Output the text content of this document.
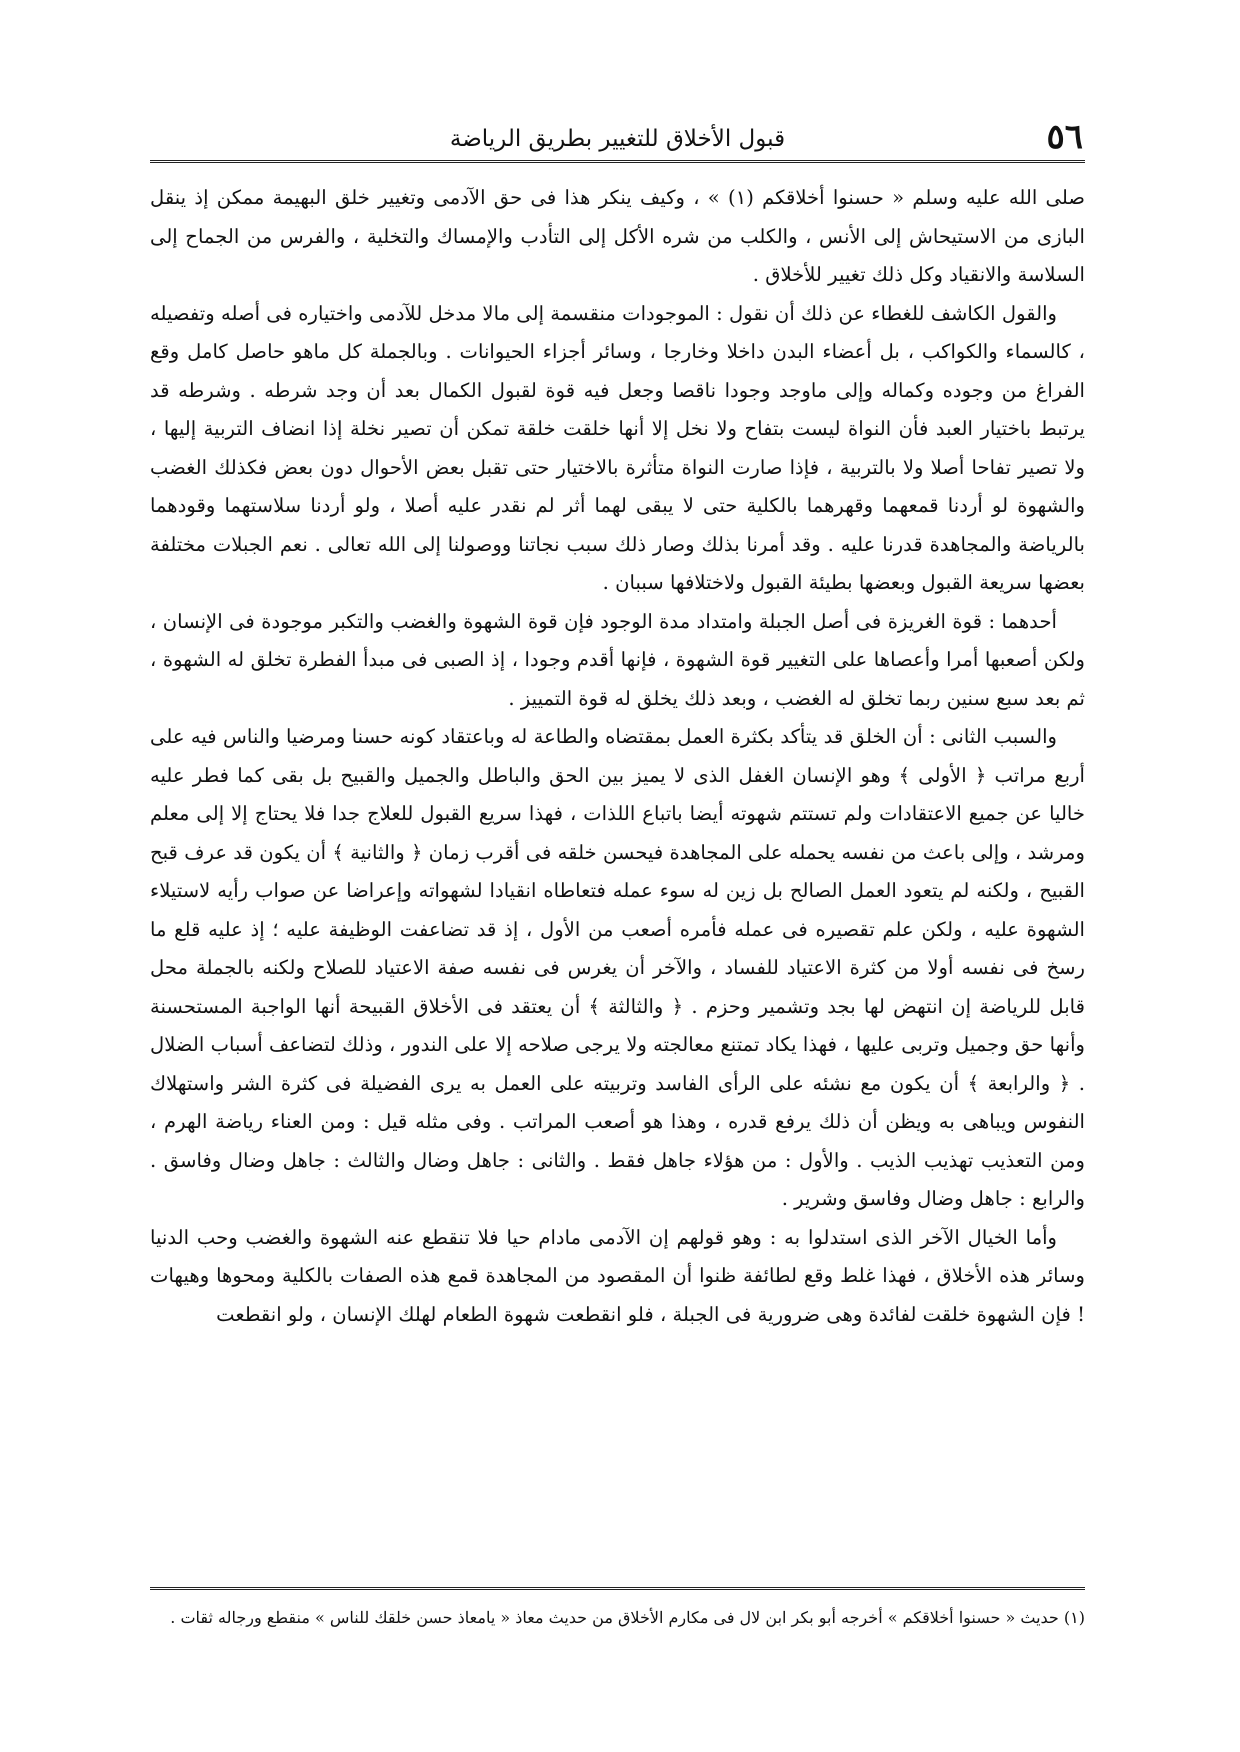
٥٦
قبول الأخلاق للتغيير بطريق الرياضة

صلى الله عليه وسلم « حسنوا أخلاقكم (١) » ، وكيف ينكر هذا فى حق الآدمى وتغيير خلق البهيمة ممكن إذ ينقل البازى من الاستيحاش إلى الأنس ، والكلب من شره الأكل إلى التأدب والإمساك والتخلية ، والفرس من الجماح إلى السلاسة والانقياد وكل ذلك تغيير للأخلاق .

والقول الكاشف للغطاء عن ذلك أن نقول : الموجودات منقسمة إلى مالا مدخل للآدمى واختياره فى أصله وتفصيله ، كالسماء والكواكب ، بل أعضاء البدن داخلا وخارجا ، وسائر أجزاء الحيوانات . وبالجملة كل ماهو حاصل كامل وقع الفراغ من وجوده وكماله وإلى ماوجد وجودا ناقصا وجعل فيه قوة لقبول الكمال بعد أن وجد شرطه . وشرطه قد يرتبط باختيار العبد فأن النواة ليست بتفاح ولا نخل إلا أنها خلقت خلقة تمكن أن تصير نخلة إذا انضاف التربية إليها ، ولا تصير تفاحا أصلا ولا بالتربية ، فإذا صارت النواة متأثرة بالاختيار حتى تقبل بعض الأحوال دون بعض فكذلك الغضب والشهوة لو أردنا قمعهما وقهرهما بالكلية حتى لا يبقى لهما أثر لم نقدر عليه أصلا ، ولو أردنا سلاستهما وقودهما بالرياضة والمجاهدة قدرنا عليه . وقد أمرنا بذلك وصار ذلك سبب نجاتنا ووصولنا إلى الله تعالى . نعم الجبلات مختلفة بعضها سريعة القبول وبعضها بطيئة القبول ولاختلافها سببان .

أحدهما : قوة الغريزة فى أصل الجبلة وامتداد مدة الوجود فإن قوة الشهوة والغضب والتكبر موجودة فى الإنسان ، ولكن أصعبها أمرا وأعصاها على التغيير قوة الشهوة ، فإنها أقدم وجودا ، إذ الصبى فى مبدأ الفطرة تخلق له الشهوة ، ثم بعد سبع سنين ربما تخلق له الغضب ، وبعد ذلك يخلق له قوة التمييز .

والسبب الثانى : أن الخلق قد يتأكد بكثرة العمل بمقتضاه والطاعة له وباعتقاد كونه حسنا ومرضيا والناس فيه على أربع مراتب ﴿ الأولى ﴾ وهو الإنسان الغفل الذى لا يميز بين الحق والباطل والجميل والقبيح بل بقى كما فطر عليه خاليا عن جميع الاعتقادات ولم تستتم شهوته أيضا باتباع اللذات ، فهذا سريع القبول للعلاج جدا فلا يحتاج إلا إلى معلم ومرشد ، وإلى باعث من نفسه يحمله على المجاهدة فيحسن خلقه فى أقرب زمان ﴿ والثانية ﴾ أن يكون قد عرف قبح القبيح ، ولكنه لم يتعود العمل الصالح بل زين له سوء عمله فتعاطاه انقيادا لشهواته وإعراضا عن صواب رأيه لاستيلاء الشهوة عليه ، ولكن علم تقصيره فى عمله فأمره أصعب من الأول ، إذ قد تضاعفت الوظيفة عليه ؛ إذ عليه قلع ما رسخ فى نفسه أولا من كثرة الاعتياد للفساد ، والآخر أن يغرس فى نفسه صفة الاعتياد للصلاح ولكنه بالجملة محل قابل للرياضة إن انتهض لها بجد وتشمير وحزم . ﴿ والثالثة ﴾ أن يعتقد فى الأخلاق القبيحة أنها الواجبة المستحسنة وأنها حق وجميل وتربى عليها ، فهذا يكاد تمتنع معالجته ولا يرجى صلاحه إلا على الندور ، وذلك لتضاعف أسباب الضلال . ﴿ والرابعة ﴾ أن يكون مع نشئه على الرأى الفاسد وتربيته على العمل به يرى الفضيلة فى كثرة الشر واستهلاك النفوس ويباهى به ويظن أن ذلك يرفع قدره ، وهذا هو أصعب المراتب . وفى مثله قيل : ومن العناء رياضة الهرم ، ومن التعذيب تهذيب الذيب . والأول : من هؤلاء جاهل فقط . والثانى : جاهل وضال والثالث : جاهل وضال وفاسق . والرابع : جاهل وضال وفاسق وشرير .

وأما الخيال الآخر الذى استدلوا به : وهو قولهم إن الآدمى مادام حيا فلا تنقطع عنه الشهوة والغضب وحب الدنيا وسائر هذه الأخلاق ، فهذا غلط وقع لطائفة ظنوا أن المقصود من المجاهدة قمع هذه الصفات بالكلية ومحوها وهيهات ! فإن الشهوة خلقت لفائدة وهى ضرورية فى الجبلة ، فلو انقطعت شهوة الطعام لهلك الإنسان ، ولو انقطعت

(١) حديث « حسنوا أخلاقكم » أخرجه أبو بكر ابن لال فى مكارم الأخلاق من حديث معاذ « يامعاذ حسن خلقك للناس » منقطع ورجاله ثقات .
